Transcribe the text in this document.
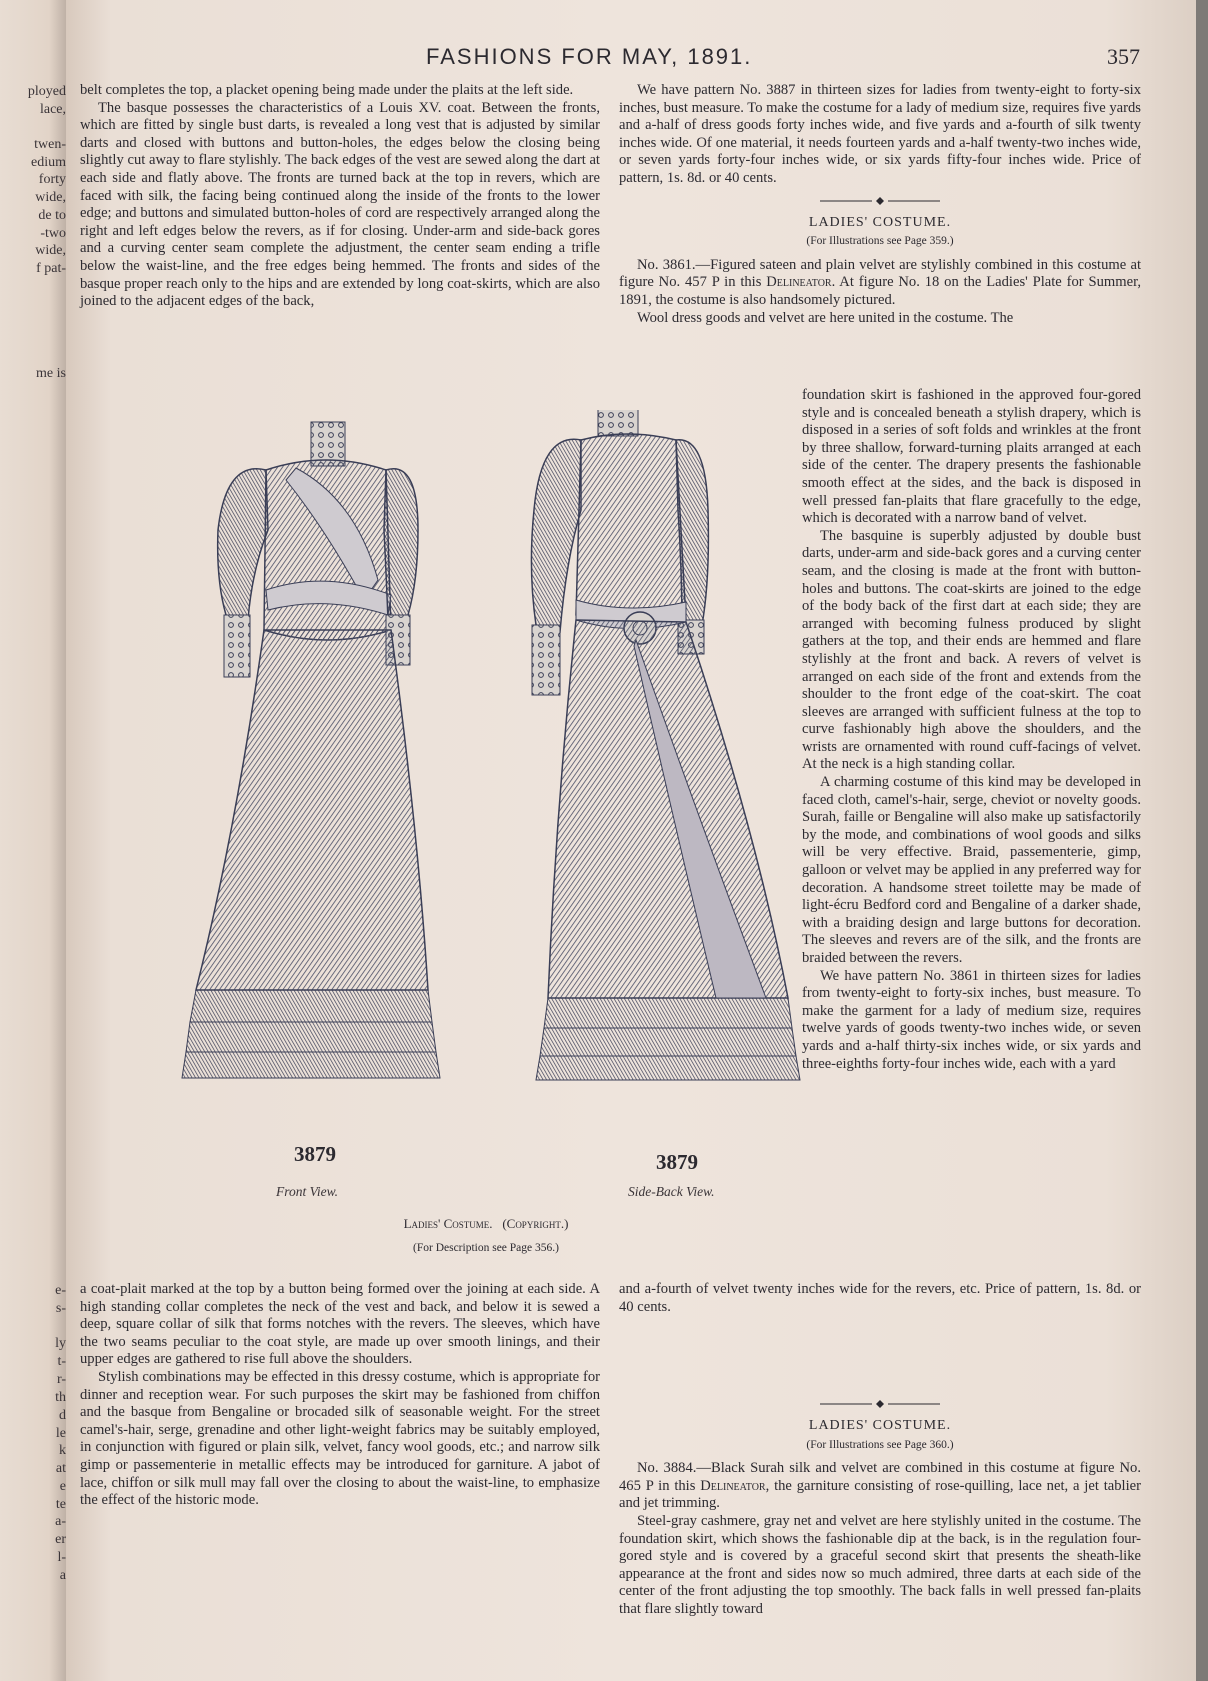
ployed
lace,
twen-
edium
forty
wide,
de to
-two
wide,
f pat-
me is
e-
s-
ly
t-
r-
th
d
le
k
at
e
te
a-
er
l-
a
FASHIONS FOR MAY, 1891.	357

belt completes the top, a placket opening being made under the plaits at the left side.

The basque possesses the characteristics of a Louis XV. coat. Between the fronts, which are fitted by single bust darts, is revealed a long vest that is adjusted by similar darts and closed with buttons and button-holes, the edges below the closing being slightly cut away to flare stylishly. The back edges of the vest are sewed along the dart at each side and flatly above. The fronts are turned back at the top in revers, which are faced with silk, the facing being continued along the inside of the fronts to the lower edge; and buttons and simulated button-holes of cord are respectively arranged along the right and left edges below the revers, as if for closing. Under-arm and side-back gores and a curving center seam complete the adjustment, the center seam ending a trifle below the waist-line, and the free edges being hemmed. The fronts and sides of the basque proper reach only to the hips and are extended by long coat-skirts, which are also joined to the adjacent edges of the back,

We have pattern No. 3887 in thirteen sizes for ladies from twenty-eight to forty-six inches, bust measure. To make the costume for a lady of medium size, requires five yards and a-half of dress goods forty inches wide, and five yards and a-fourth of silk twenty inches wide. Of one material, it needs fourteen yards and a-half twenty-two inches wide, or seven yards forty-four inches wide, or six yards fifty-four inches wide. Price of pattern, 1s. 8d. or 40 cents.

LADIES' COSTUME.
(For Illustrations see Page 359.)

No. 3861.—Figured sateen and plain velvet are stylishly combined in this costume at figure No. 457 P in this Delineator. At figure No. 18 on the Ladies' Plate for Summer, 1891, the costume is also handsomely pictured.

Wool dress goods and velvet are here united in the costume. The

foundation skirt is fashioned in the approved four-gored style and is concealed beneath a stylish drapery, which is disposed in a series of soft folds and wrinkles at the front by three shallow, forward-turning plaits arranged at each side of the center. The drapery presents the fashionable smooth effect at the sides, and the back is disposed in well pressed fan-plaits that flare gracefully to the edge, which is decorated with a narrow band of velvet.

The basquine is superbly adjusted by double bust darts, under-arm and side-back gores and a curving center seam, and the closing is made at the front with button-holes and buttons. The coat-skirts are joined to the edge of the body back of the first dart at each side; they are arranged with becoming fulness produced by slight gathers at the top, and their ends are hemmed and flare stylishly at the front and back. A revers of velvet is arranged on each side of the front and extends from the shoulder to the front edge of the coat-skirt. The coat sleeves are arranged with sufficient fulness at the top to curve fashionably high above the shoulders, and the wrists are ornamented with round cuff-facings of velvet. At the neck is a high standing collar.

A charming costume of this kind may be developed in faced cloth, camel's-hair, serge, cheviot or novelty goods. Surah, faille or Bengaline will also make up satisfactorily by the mode, and combinations of wool goods and silks will be very effective. Braid, passementerie, gimp, galloon or velvet may be applied in any preferred way for decoration. A handsome street toilette may be made of light-écru Bedford cord and Bengaline of a darker shade, with a braiding design and large buttons for decoration. The sleeves and revers are of the silk, and the fronts are braided between the revers.

We have pattern No. 3861 in thirteen sizes for ladies from twenty-eight to forty-six inches, bust measure. To make the garment for a lady of medium size, requires twelve yards of goods twenty-two inches wide, or seven yards and a-half thirty-six inches wide, or six yards and three-eighths forty-four inches wide, each with a yard

3879
Front View.
3879
Side-Back View.
Ladies' Costume. (Copyright.)
(For Description see Page 356.)

a coat-plait marked at the top by a button being formed over the joining at each side. A high standing collar completes the neck of the vest and back, and below it is sewed a deep, square collar of silk that forms notches with the revers. The sleeves, which have the two seams peculiar to the coat style, are made up over smooth linings, and their upper edges are gathered to rise full above the shoulders.

Stylish combinations may be effected in this dressy costume, which is appropriate for dinner and reception wear. For such purposes the skirt may be fashioned from chiffon and the basque from Bengaline or brocaded silk of seasonable weight. For the street camel's-hair, serge, grenadine and other light-weight fabrics may be suitably employed, in conjunction with figured or plain silk, velvet, fancy wool goods, etc.; and narrow silk gimp or passementerie in metallic effects may be introduced for garniture. A jabot of lace, chiffon or silk mull may fall over the closing to about the waist-line, to emphasize the effect of the historic mode.

and a-fourth of velvet twenty inches wide for the revers, etc. Price of pattern, 1s. 8d. or 40 cents.

LADIES' COSTUME.
(For Illustrations see Page 360.)

No. 3884.—Black Surah silk and velvet are combined in this costume at figure No. 465 P in this Delineator, the garniture consisting of rose-quilling, lace net, a jet tablier and jet trimming.

Steel-gray cashmere, gray net and velvet are here stylishly united in the costume. The foundation skirt, which shows the fashionable dip at the back, is in the regulation four-gored style and is covered by a graceful second skirt that presents the sheath-like appearance at the front and sides now so much admired, three darts at each side of the center of the front adjusting the top smoothly. The back falls in well pressed fan-plaits that flare slightly toward
